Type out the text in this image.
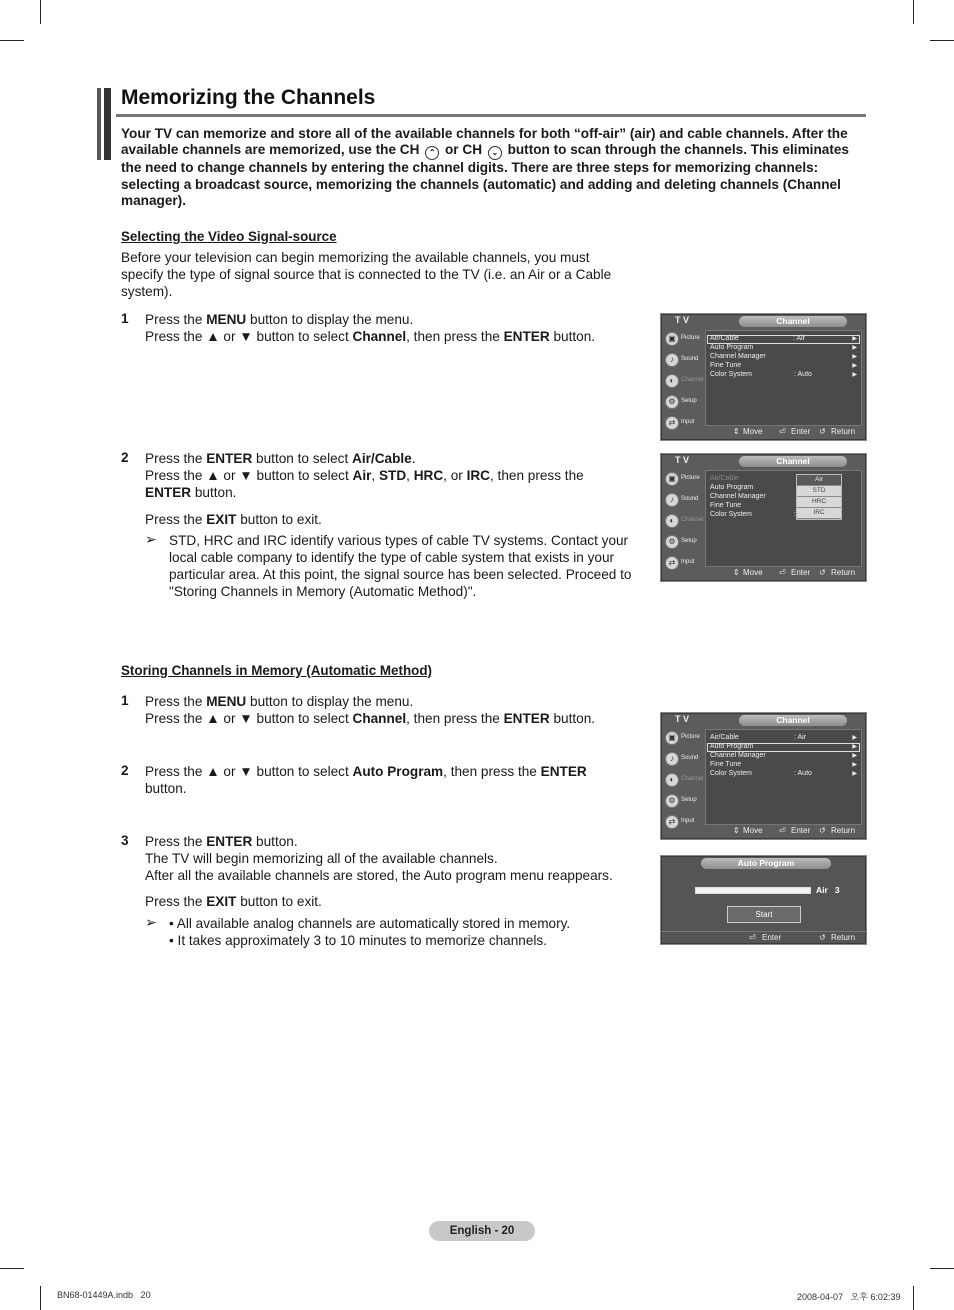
Memorizing the Channels
Your TV can memorize and store all of the available channels for both “off-air” (air) and cable channels. After the available channels are memorized, use the CH ⌃ or CH ⌄ button to scan through the channels. This eliminates the need to change channels by entering the channel digits. There are three steps for memorizing channels: selecting a broadcast source, memorizing the channels (automatic) and adding and deleting channels (Channel manager).
Selecting the Video Signal-source
Before your television can begin memorizing the available channels, you must specify the type of signal source that is connected to the TV (i.e. an Air or a Cable system).
1 Press the MENU button to display the menu.
Press the ▲ or ▼ button to select Channel, then press the ENTER button.
2 Press the ENTER button to select Air/Cable.
Press the ▲ or ▼ button to select Air, STD, HRC, or IRC, then press the
ENTER button.
Press the EXIT button to exit.
➢ STD, HRC and IRC identify various types of cable TV systems. Contact your local cable company to identify the type of cable system that exists in your particular area. At this point, the signal source has been selected. Proceed to "Storing Channels in Memory (Automatic Method)".
Storing Channels in Memory (Automatic Method)
1 Press the MENU button to display the menu.
Press the ▲ or ▼ button to select Channel, then press the ENTER button.
2 Press the ▲ or ▼ button to select Auto Program, then press the ENTER
button.
3 Press the ENTER button.
The TV will begin memorizing all of the available channels.
After all the available channels are stored, the Auto program menu reappears.
Press the EXIT button to exit.
➢ • All available analog channels are automatically stored in memory.
• It takes approximately 3 to 10 minutes to memorize channels.
T V	Channel
▣ Picture
♪	Sound
◐	Channel
⚙ Setup
⇄ Input
Air/Cable	: Air	▶
Auto Program	▶
Channel Manager	▶
Fine Tune	▶
Color System	: Auto	▶
⇕ Move ⏎ Enter ↺ Return
T V	Channel
▣ Picture
♪	Sound
◐	Channel
⚙ Setup
⇄ Input
Air/Cable
Auto Program
Channel Manager
Fine Tune
Color System	:
Air
STD
HRC
IRC
⇕ Move ⏎ Enter ↺ Return
T V	Channel
▣ Picture
♪	Sound
◐	Channel
⚙ Setup
⇄ Input
Air/Cable	: Air	▶
Auto Program	▶
Channel Manager	▶
Fine Tune	▶
Color System	: Auto	▶
⇕ Move ⏎ Enter ↺ Return
Auto Program
Air   3
Start
⏎ Enter	↺ Return
English - 20
BN68-01449A.indb   20	2008-04-07   오후 6:02:39
